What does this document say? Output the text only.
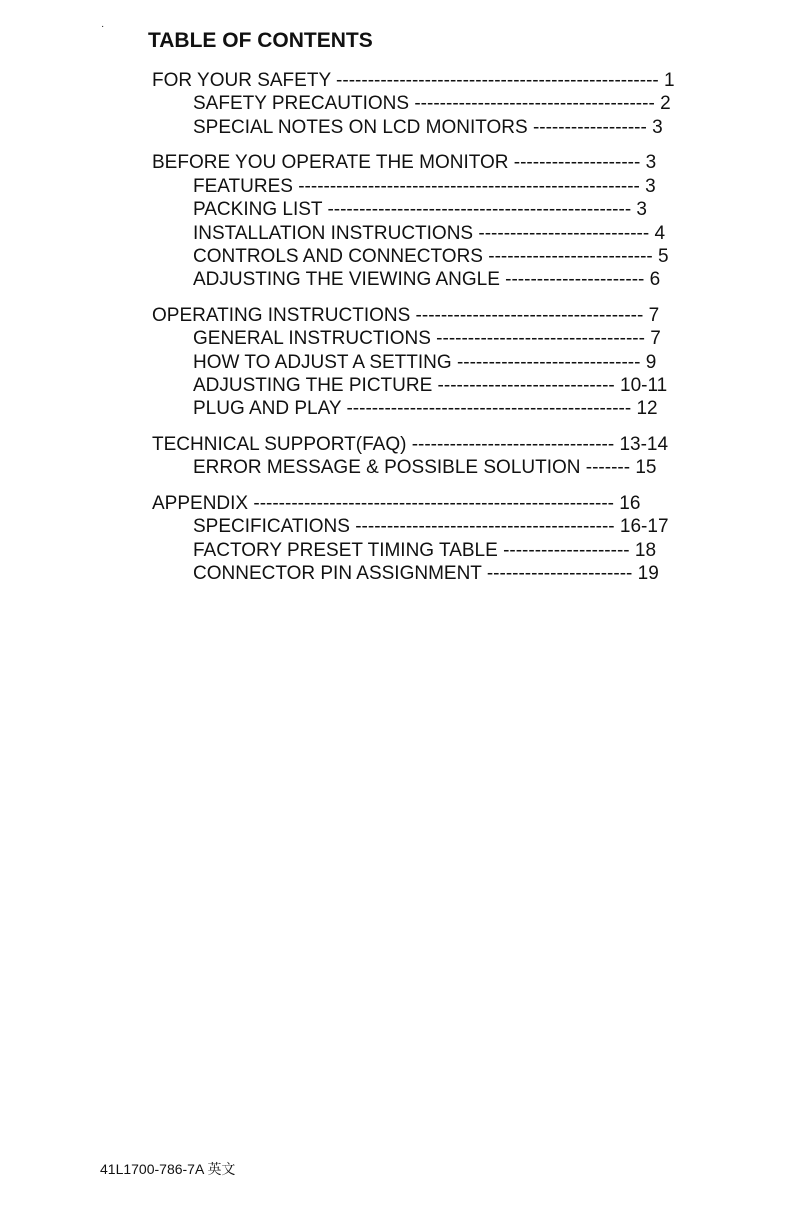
·
TABLE OF CONTENTS
FOR YOUR SAFETY --------------------------------------------------- 1
SAFETY PRECAUTIONS -------------------------------------- 2
SPECIAL NOTES ON LCD MONITORS ------------------ 3
BEFORE YOU OPERATE THE MONITOR -------------------- 3
FEATURES ------------------------------------------------------ 3
PACKING LIST ------------------------------------------------ 3
INSTALLATION INSTRUCTIONS --------------------------- 4
CONTROLS AND CONNECTORS -------------------------- 5
ADJUSTING THE VIEWING ANGLE ---------------------- 6
OPERATING INSTRUCTIONS ------------------------------------ 7
GENERAL INSTRUCTIONS --------------------------------- 7
HOW TO ADJUST A SETTING ----------------------------- 9
ADJUSTING THE PICTURE ---------------------------- 10-11
PLUG AND PLAY --------------------------------------------- 12
TECHNICAL SUPPORT(FAQ) -------------------------------- 13-14
ERROR MESSAGE & POSSIBLE SOLUTION ------- 15
APPENDIX --------------------------------------------------------- 16
SPECIFICATIONS ----------------------------------------- 16-17
FACTORY PRESET TIMING TABLE -------------------- 18
CONNECTOR PIN ASSIGNMENT ----------------------- 19
41L1700-786-7A 英文
